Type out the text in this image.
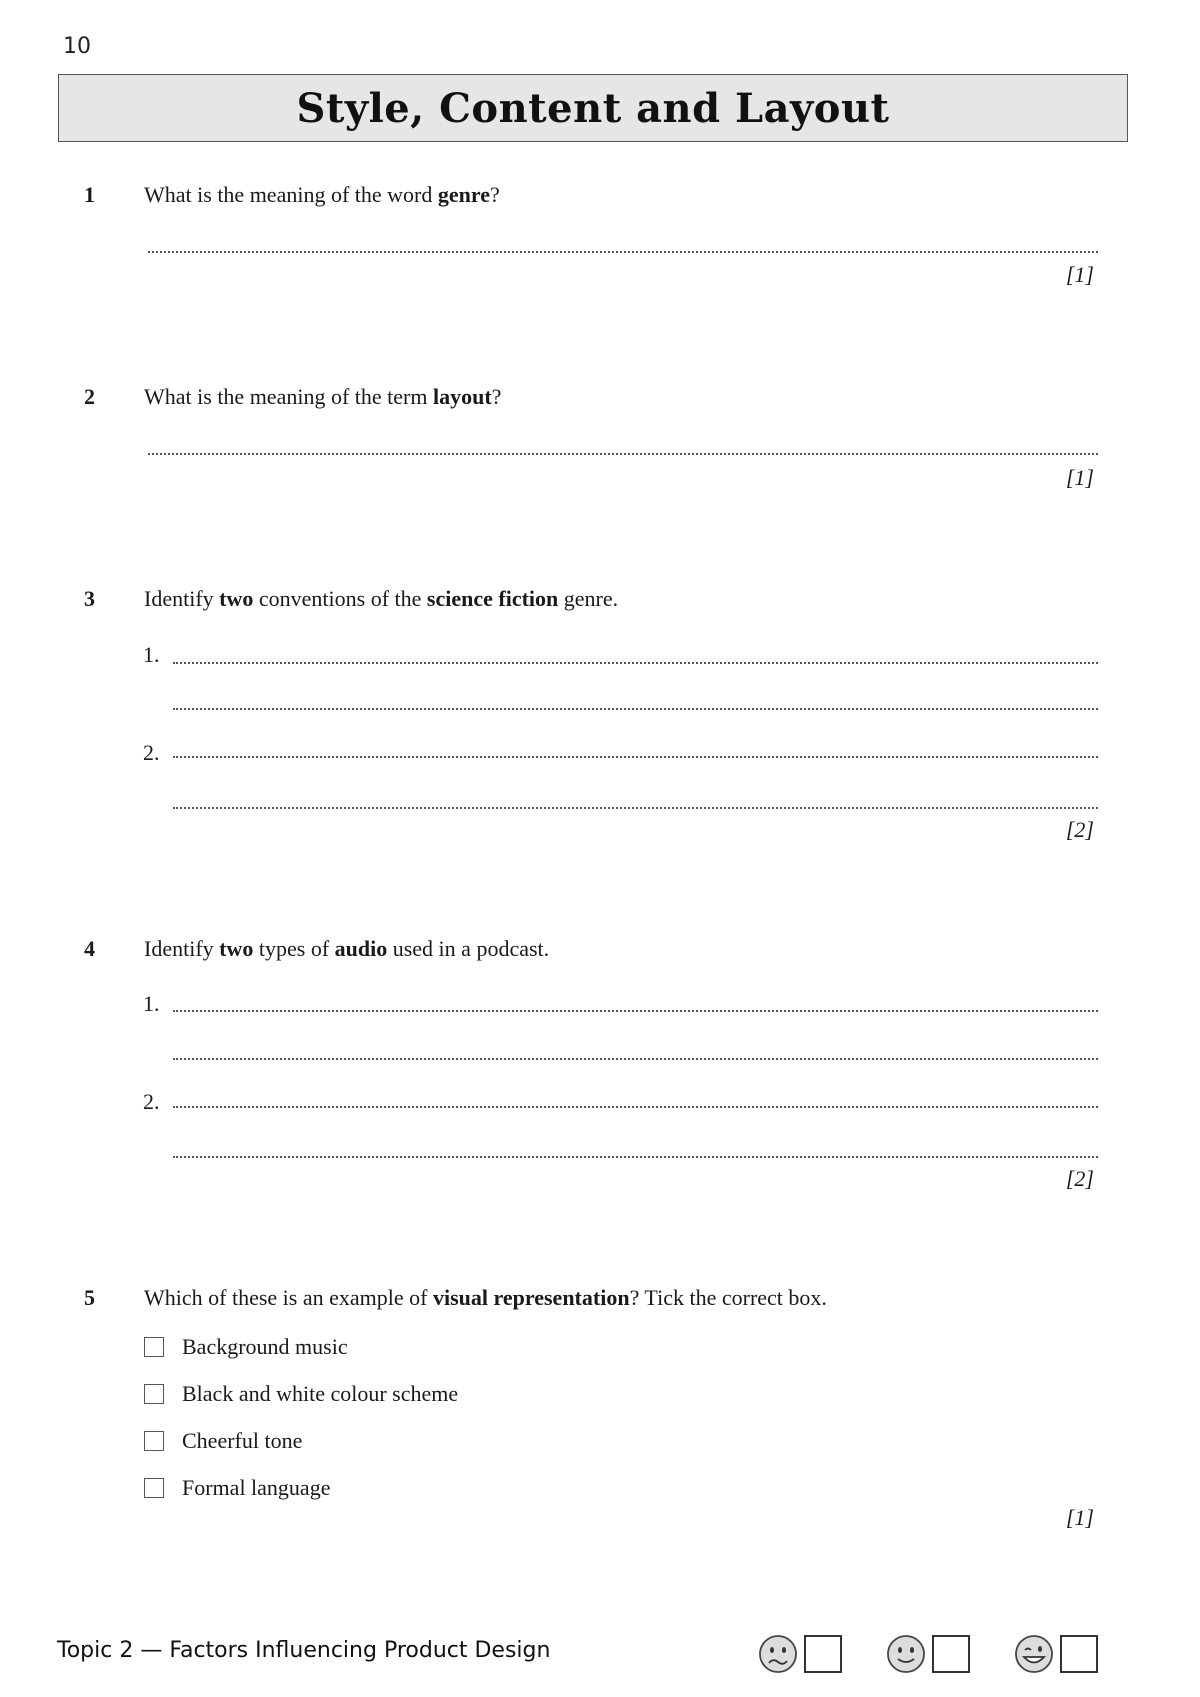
10
Style, Content and Layout
1 What is the meaning of the word genre?
[1]
2 What is the meaning of the term layout?
[1]
3 Identify two conventions of the science fiction genre.
1.
2.
[2]
4 Identify two types of audio used in a podcast.
1.
2.
[2]
5 Which of these is an example of visual representation? Tick the correct box.
Background music
Black and white colour scheme
Cheerful tone
Formal language
[1]
Topic 2 — Factors Influencing Product Design
